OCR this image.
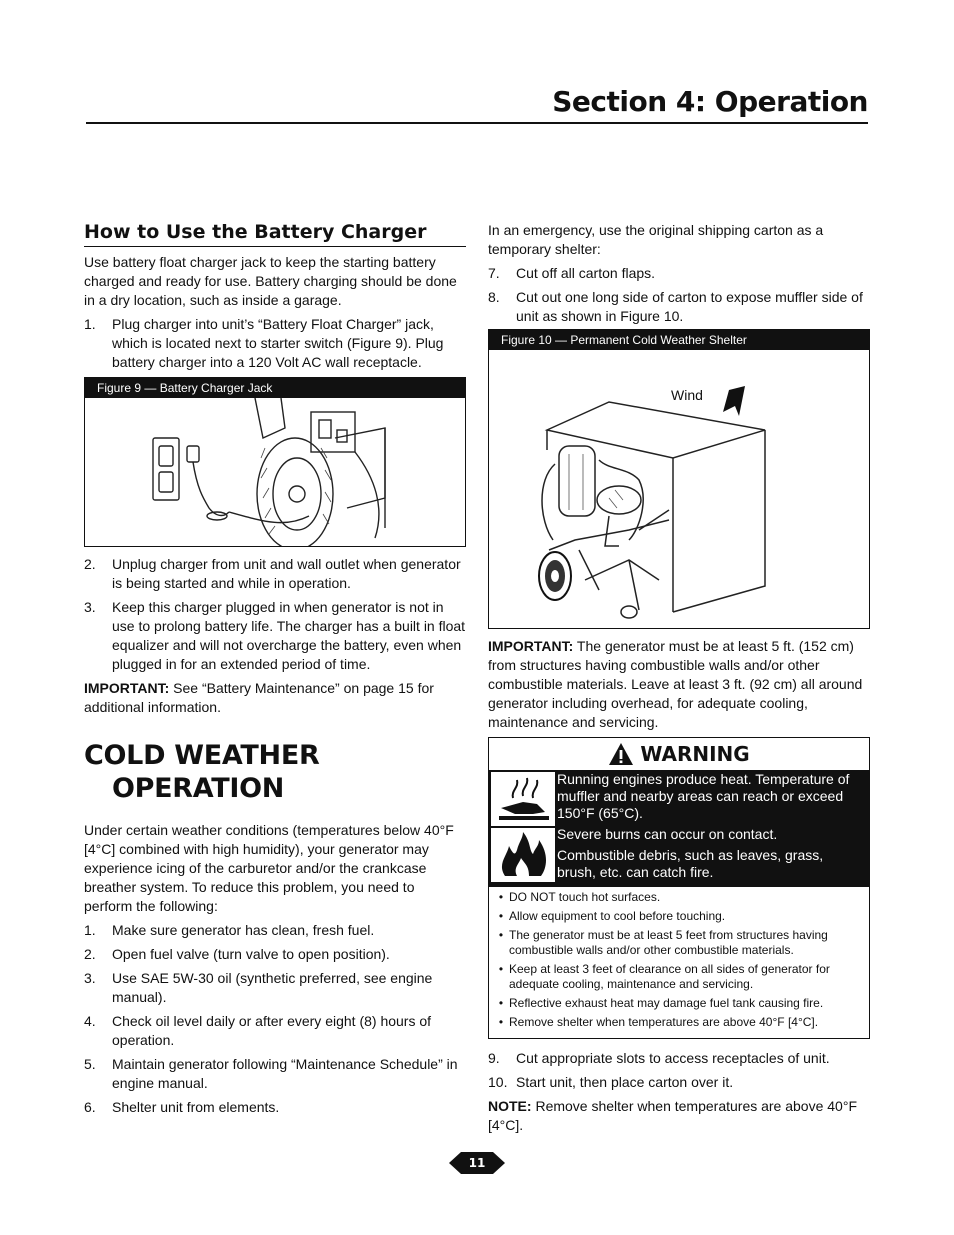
Section 4: Operation
How to Use the Battery Charger

Use battery float charger jack to keep the starting battery charged and ready for use. Battery charging should be done in a dry location, such as inside a garage.

1.	Plug charger into unit’s “Battery Float Charger” jack, which is located next to starter switch (Figure 9). Plug battery charger into a 120 Volt AC wall receptacle.
Figure 9 — Battery Charger Jack
2.	Unplug charger from unit and wall outlet when generator is being started and while in operation.
3.	Keep this charger plugged in when generator is not in use to prolong battery life. The charger has a built in float equalizer and will not overcharge the battery, even when plugged in for an extended period of time.

IMPORTANT: See “Battery Maintenance” on page 15 for additional information.

COLD WEATHER
OPERATION

Under certain weather conditions (temperatures below 40°F [4°C] combined with high humidity), your generator may experience icing of the carburetor and/or the crankcase breather system. To reduce this problem, you need to perform the following:

1.	Make sure generator has clean, fresh fuel.
2.	Open fuel valve (turn valve to open position).
3.	Use SAE 5W-30 oil (synthetic preferred, see engine manual).
4.	Check oil level daily or after every eight (8) hours of operation.
5.	Maintain generator following “Maintenance Schedule” in engine manual.
6.	Shelter unit from elements.

In an emergency, use the original shipping carton as a temporary shelter:

7.	Cut off all carton flaps.
8.	Cut out one long side of carton to expose muffler side of unit as shown in Figure 10.
Figure 10 — Permanent Cold Weather Shelter
Wind

IMPORTANT: The generator must be at least 5 ft. (152 cm) from structures having combustible walls and/or other combustible materials. Leave at least 3 ft. (92 cm) all around generator including overhead, for adequate cooling, maintenance and servicing.

WARNING

Running engines produce heat. Temperature of muffler and nearby areas can reach or exceed 150°F (65°C).

Severe burns can occur on contact.

Combustible debris, such as leaves, grass, brush, etc. can catch fire.

• DO NOT touch hot surfaces.
• Allow equipment to cool before touching.
• The generator must be at least 5 feet from structures having combustible walls and/or other combustible materials.
• Keep at least 3 feet of clearance on all sides of generator for adequate cooling, maintenance and servicing.
• Reflective exhaust heat may damage fuel tank causing fire.
• Remove shelter when temperatures are above 40°F [4°C].
9.	Cut appropriate slots to access receptacles of unit.
10. Start unit, then place carton over it.

NOTE: Remove shelter when temperatures are above 40°F [4°C].

11
